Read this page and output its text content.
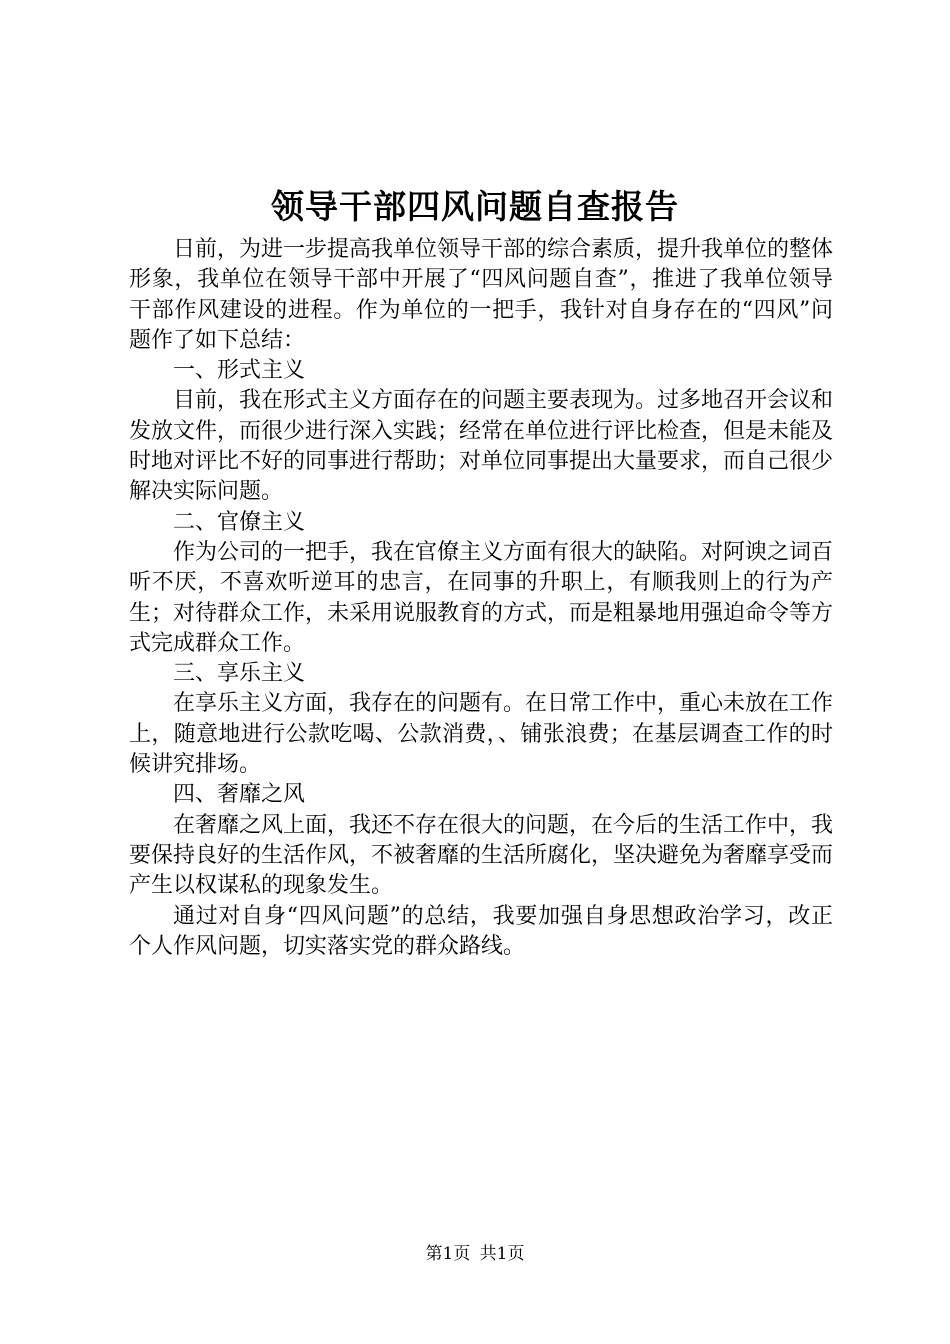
领导干部四风问题自查报告

日前，为进一步提高我单位领导干部的综合素质，提升我单位的整体形象，我单位在领导干部中开展了“四风问题自查”，推进了我单位领导干部作风建设的进程。作为单位的一把手，我针对自身存在的“四风”问题作了如下总结：

一、形式主义

目前，我在形式主义方面存在的问题主要表现为。过多地召开会议和发放文件，而很少进行深入实践；经常在单位进行评比检查，但是未能及时地对评比不好的同事进行帮助；对单位同事提出大量要求，而自己很少解决实际问题。

二、官僚主义

作为公司的一把手，我在官僚主义方面有很大的缺陷。对阿谀之词百听不厌，不喜欢听逆耳的忠言，在同事的升职上，有顺我则上的行为产生；对待群众工作，未采用说服教育的方式，而是粗暴地用强迫命令等方式完成群众工作。

三、享乐主义

在享乐主义方面，我存在的问题有。在日常工作中，重心未放在工作上，随意地进行公款吃喝、公款消费，、铺张浪费；在基层调查工作的时候讲究排场。

四、奢靡之风

在奢靡之风上面，我还不存在很大的问题，在今后的生活工作中，我要保持良好的生活作风，不被奢靡的生活所腐化，坚决避免为奢靡享受而产生以权谋私的现象发生。

通过对自身“四风问题”的总结，我要加强自身思想政治学习，改正个人作风问题，切实落实党的群众路线。

第1页 共1页
